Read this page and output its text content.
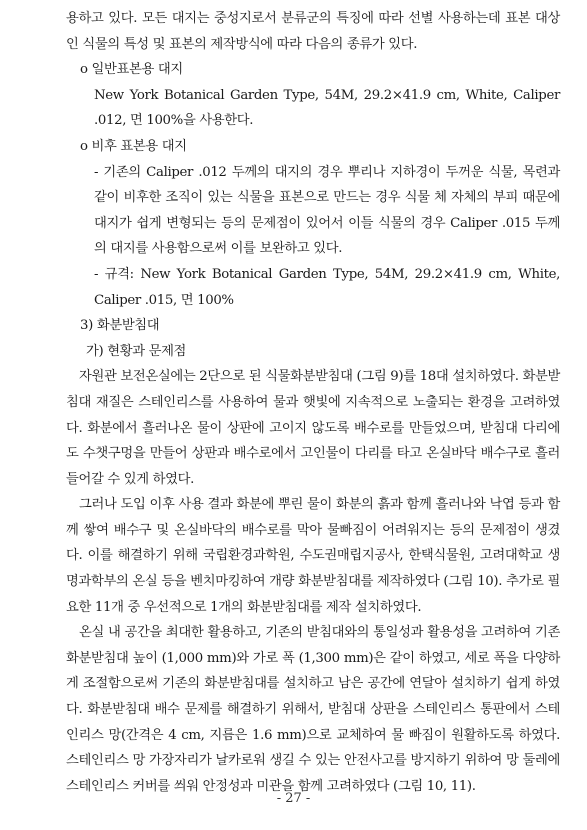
용하고 있다. 모든 대지는 중성지로서 분류군의 특징에 따라 선별 사용하는데 표본 대상인 식물의 특성 및 표본의 제작방식에 따라 다음의 종류가 있다.

o 일반표본용 대지

New York Botanical Garden Type, 54M, 29.2×41.9 cm, White, Caliper .012, 면 100%을 사용한다.

o 비후 표본용 대지

- 기존의 Caliper .012 두께의 대지의 경우 뿌리나 지하경이 두꺼운 식물, 목련과 같이 비후한 조직이 있는 식물을 표본으로 만드는 경우 식물 체 자체의 부피 때문에 대지가 쉽게 변형되는 등의 문제점이 있어서 이들 식물의 경우 Caliper .015 두께의 대지를 사용함으로써 이를 보완하고 있다.

- 규격: New York Botanical Garden Type, 54M, 29.2×41.9 cm, White, Caliper .015, 면 100%

3) 화분받침대

가) 현황과 문제점

자원관 보전온실에는 2단으로 된 식물화분받침대 (그림 9)를 18대 설치하였다. 화분받침대 재질은 스테인리스를 사용하여 물과 햇빛에 지속적으로 노출되는 환경을 고려하였다. 화분에서 흘러나온 물이 상판에 고이지 않도록 배수로를 만들었으며, 받침대 다리에도 수챗구멍을 만들어 상판과 배수로에서 고인물이 다리를 타고 온실바닥 배수구로 흘러들어갈 수 있게 하였다.

그러나 도입 이후 사용 결과 화분에 뿌린 물이 화분의 흙과 함께 흘러나와 낙엽 등과 함께 쌓여 배수구 및 온실바닥의 배수로를 막아 물빠짐이 어려워지는 등의 문제점이 생겼다. 이를 해결하기 위해 국립환경과학원, 수도권매립지공사, 한택식물원, 고려대학교 생명과학부의 온실 등을 벤치마킹하여 개량 화분받침대를 제작하였다 (그림 10). 추가로 필요한 11개 중 우선적으로 1개의 화분받침대를 제작 설치하였다.

온실 내 공간을 최대한 활용하고, 기존의 받침대와의 통일성과 활용성을 고려하여 기존 화분받침대 높이 (1,000 mm)와 가로 폭 (1,300 mm)은 같이 하였고, 세로 폭을 다양하게 조절함으로써 기존의 화분받침대를 설치하고 남은 공간에 연달아 설치하기 쉽게 하였다. 화분받침대 배수 문제를 해결하기 위해서, 받침대 상판을 스테인리스 통판에서 스테인리스 망(간격은 4 cm, 지름은 1.6 mm)으로 교체하여 물 빠짐이 원활하도록 하였다. 스테인리스 망 가장자리가 날카로워 생길 수 있는 안전사고를 방지하기 위하여 망 둘레에 스테인리스 커버를 씌워 안정성과 미관을 함께 고려하였다 (그림 10, 11).

- 27 -
